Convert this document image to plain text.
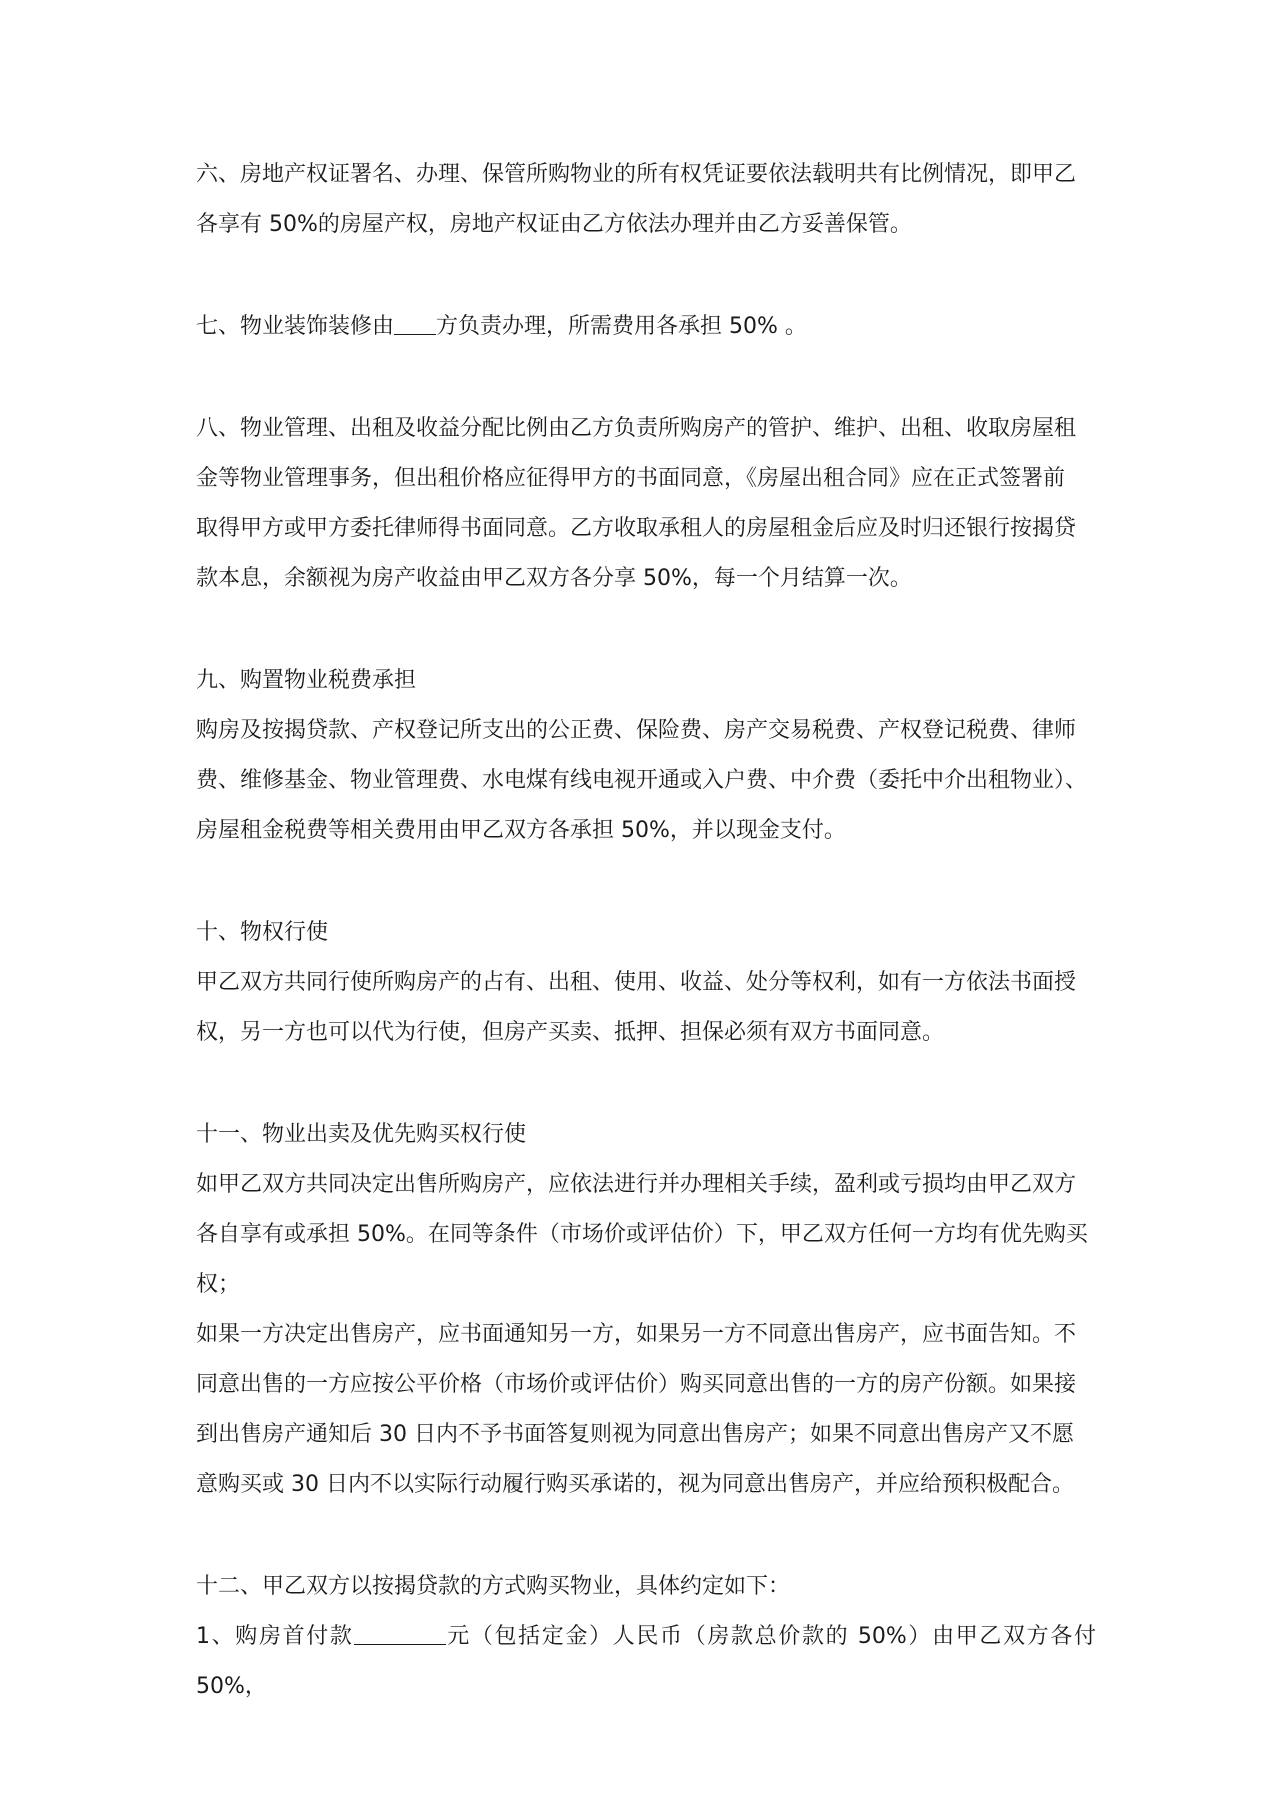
六、房地产权证署名、办理、保管所购物业的所有权凭证要依法载明共有比例情况，即甲乙
各享有 50%的房屋产权，房地产权证由乙方依法办理并由乙方妥善保管。
七、物业装饰装修由 方负责办理，所需费用各承担 50% 。
八、物业管理、出租及收益分配比例由乙方负责所购房产的管护、维护、出租、收取房屋租
金等物业管理事务，但出租价格应征得甲方的书面同意，《房屋出租合同》应在正式签署前
取得甲方或甲方委托律师得书面同意。乙方收取承租人的房屋租金后应及时归还银行按揭贷
款本息，余额视为房产收益由甲乙双方各分享 50%，每一个月结算一次。
九、购置物业税费承担
购房及按揭贷款、产权登记所支出的公正费、保险费、房产交易税费、产权登记税费、律师
费、维修基金、物业管理费、水电煤有线电视开通或入户费、中介费（委托中介出租物业）、
房屋租金税费等相关费用由甲乙双方各承担 50%，并以现金支付。
十、物权行使
甲乙双方共同行使所购房产的占有、出租、使用、收益、处分等权利，如有一方依法书面授
权，另一方也可以代为行使，但房产买卖、抵押、担保必须有双方书面同意。
十一、物业出卖及优先购买权行使
如甲乙双方共同决定出售所购房产，应依法进行并办理相关手续，盈利或亏损均由甲乙双方
各自享有或承担 50%。在同等条件（市场价或评估价）下，甲乙双方任何一方均有优先购买
权；
如果一方决定出售房产，应书面通知另一方，如果另一方不同意出售房产，应书面告知。不
同意出售的一方应按公平价格（市场价或评估价）购买同意出售的一方的房产份额。如果接
到出售房产通知后 30 日内不予书面答复则视为同意出售房产；如果不同意出售房产又不愿
意购买或 30 日内不以实际行动履行购买承诺的，视为同意出售房产，并应给预积极配合。
十二、甲乙双方以按揭贷款的方式购买物业，具体约定如下：
1、购房首付款	元（包括定金）人民币（房款总价款的 50%）由甲乙双方各付 50%，
